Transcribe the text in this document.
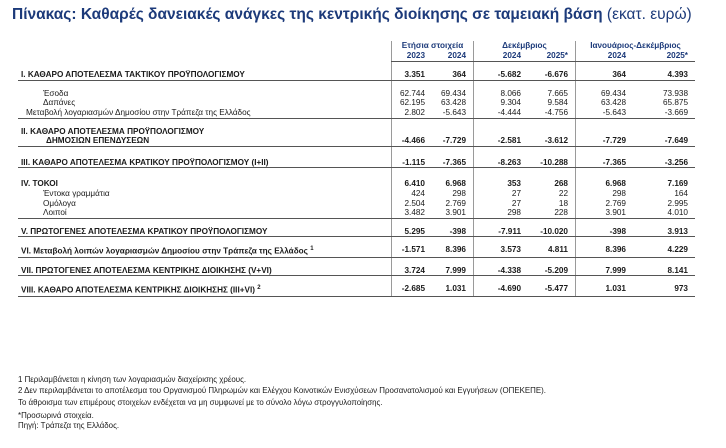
Πίνακας: Καθαρές δανειακές ανάγκες της κεντρικής διοίκησης σε ταμειακή βάση (εκατ. ευρώ)
	Ετήσια στοιχεία		Δεκέμβριος		Ιανουάριος-Δεκέμβριος	
	2023	2024	2024	2025*	2024	2025*

I. ΚΑΘΑΡΟ ΑΠΟΤΕΛΕΣΜΑ ΤΑΚΤΙΚΟΥ ΠΡΟΫΠΟΛΟΓΙΣΜΟΥ	3.351	364	-5.682	-6.676	364	4.393

Έσοδα	62.744	69.434	8.066	7.665	69.434	73.938
Δαπάνες	62.195	63.428	9.304	9.584	63.428	65.875
Μεταβολή λογαριασμών Δημοσίου στην Τράπεζα της Ελλάδος	2.802	-5.643	-4.444	-4.756	-5.643	-3.669

II. ΚΑΘΑΡΟ ΑΠΟΤΕΛΕΣΜΑ ΠΡΟΫΠΟΛΟΓΙΣΜΟΥ						
ΔΗΜΟΣΙΩΝ ΕΠΕΝΔΥΣΕΩΝ	-4.466	-7.729	-2.581	-3.612	-7.729	-7.649

III. ΚΑΘΑΡΟ ΑΠΟΤΕΛΕΣΜΑ ΚΡΑΤΙΚΟΥ ΠΡΟΫΠΟΛΟΓΙΣΜΟΥ (I+II)	-1.115	-7.365	-8.263	-10.288	-7.365	-3.256

IV. ΤΟΚΟΙ	6.410	6.968	353	268	6.968	7.169
Έντοκα γραμμάτια	424	298	27	22	298	164
Ομόλογα	2.504	2.769	27	18	2.769	2.995
Λοιποί	3.482	3.901	298	228	3.901	4.010

V. ΠΡΩΤΟΓΕΝΕΣ ΑΠΟΤΕΛΕΣΜΑ ΚΡΑΤΙΚΟΥ ΠΡΟΫΠΟΛΟΓΙΣΜΟΥ	5.295	-398	-7.911	-10.020	-398	3.913

VI. Μεταβολή λοιπών λογαριασμών Δημοσίου στην Τράπεζα της Ελλάδος $^1$	-1.571	8.396	3.573	4.811	8.396	4.229

VII. ΠΡΩΤΟΓΕΝΕΣ ΑΠΟΤΕΛΕΣΜΑ ΚΕΝΤΡΙΚΗΣ ΔΙΟΙΚΗΣΗΣ (V+VI)	3.724	7.999	-4.338	-5.209	7.999	8.141

VIII. ΚΑΘΑΡΟ ΑΠΟΤΕΛΕΣΜΑ ΚΕΝΤΡΙΚΗΣ ΔΙΟΙΚΗΣΗΣ (III+VI) $^2$	-2.685	1.031	-4.690	-5.477	1.031	973
1 Περιλαμβάνεται η κίνηση των λογαριασμών διαχείρισης χρέους.
2 Δεν περιλαμβάνεται το αποτέλεσμα του Οργανισμού Πληρωμών και Ελέγχου Κοινοτικών Ενισχύσεων Προσανατολισμού και Εγγυήσεων (ΟΠΕΚΕΠΕ).
Το άθροισμα των επιμέρους στοιχείων ενδέχεται να μη συμφωνεί με το σύνολο λόγω στρογγυλοποίησης.
*Προσωρινά στοιχεία.
Πηγή: Τράπεζα της Ελλάδος.
